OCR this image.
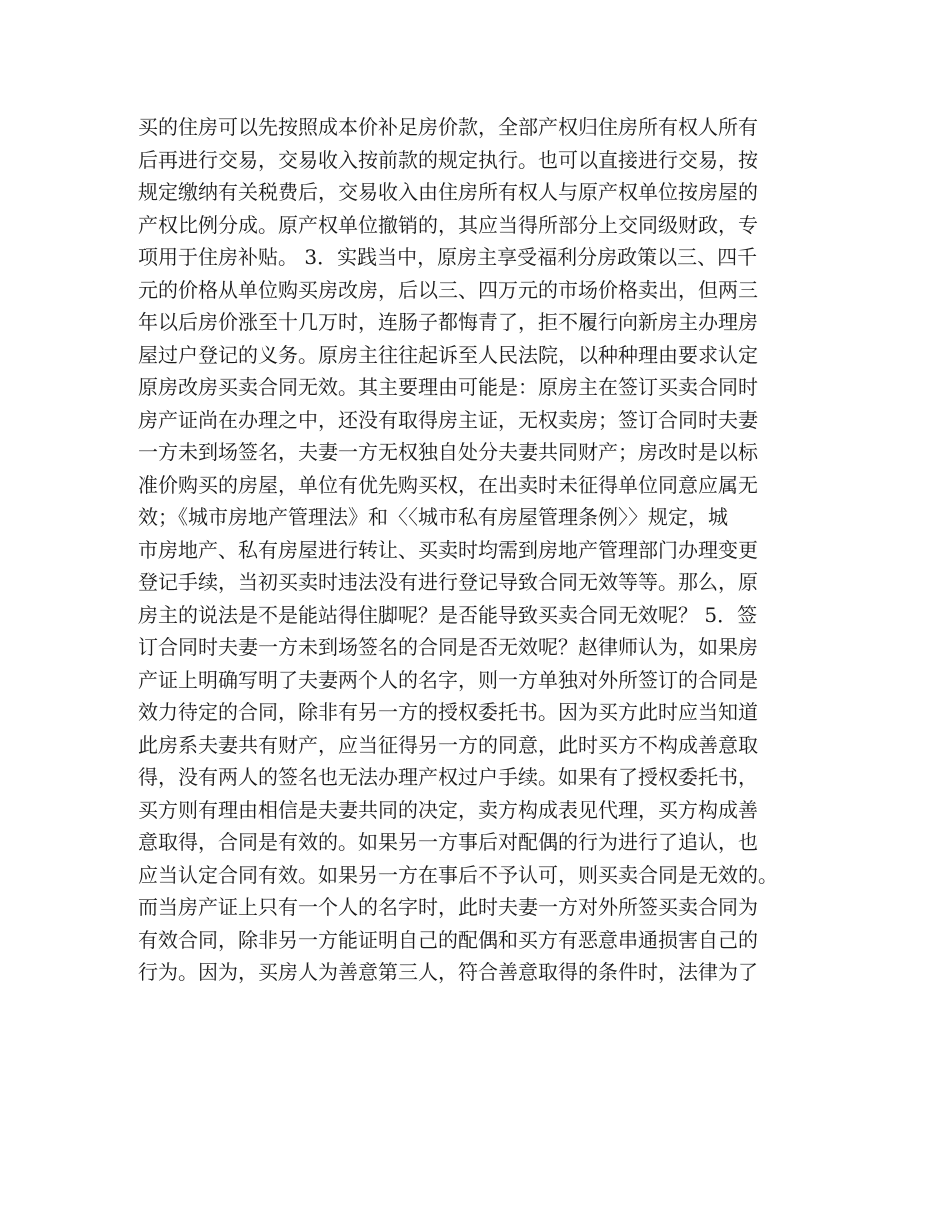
买的住房可以先按照成本价补足房价款，全部产权归住房所有权人所有
后再进行交易，交易收入按前款的规定执行。也可以直接进行交易，按
规定缴纳有关税费后，交易收入由住房所有权人与原产权单位按房屋的
产权比例分成。原产权单位撤销的，其应当得所部分上交同级财政，专
项用于住房补贴。 3．实践当中，原房主享受福利分房政策以三、四千
元的价格从单位购买房改房，后以三、四万元的市场价格卖出，但两三
年以后房价涨至十几万时，连肠子都悔青了，拒不履行向新房主办理房
屋过户登记的义务。原房主往往起诉至人民法院，以种种理由要求认定
原房改房买卖合同无效。其主要理由可能是：原房主在签订买卖合同时
房产证尚在办理之中，还没有取得房主证，无权卖房；签订合同时夫妻
一方未到场签名，夫妻一方无权独自处分夫妻共同财产；房改时是以标
准价购买的房屋，单位有优先购买权，在出卖时未征得单位同意应属无
效；《城市房地产管理法》和〈〈城市私有房屋管理条例〉〉规定，城
市房地产、私有房屋进行转让、买卖时均需到房地产管理部门办理变更
登记手续，当初买卖时违法没有进行登记导致合同无效等等。那么，原
房主的说法是不是能站得住脚呢？是否能导致买卖合同无效呢？ 5．签
订合同时夫妻一方未到场签名的合同是否无效呢？赵律师认为，如果房
产证上明确写明了夫妻两个人的名字，则一方单独对外所签订的合同是
效力待定的合同，除非有另一方的授权委托书。因为买方此时应当知道
此房系夫妻共有财产，应当征得另一方的同意，此时买方不构成善意取
得，没有两人的签名也无法办理产权过户手续。如果有了授权委托书，
买方则有理由相信是夫妻共同的决定，卖方构成表见代理，买方构成善
意取得，合同是有效的。如果另一方事后对配偶的行为进行了追认，也
应当认定合同有效。如果另一方在事后不予认可，则买卖合同是无效的。
而当房产证上只有一个人的名字时，此时夫妻一方对外所签买卖合同为
有效合同，除非另一方能证明自己的配偶和买方有恶意串通损害自己的
行为。因为，买房人为善意第三人，符合善意取得的条件时，法律为了
